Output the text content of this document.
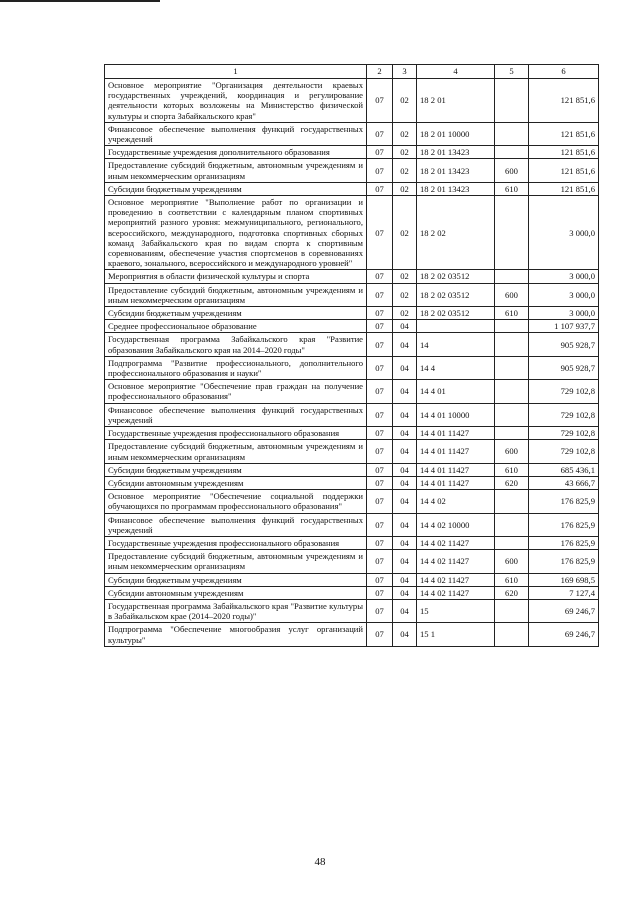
1	2	3	4	5	6
Основное мероприятие "Организация деятельности краевых государственных учреждений, координация и регулирование деятельности которых возложены на Министерство физической культуры и спорта Забайкальского края"	07	02	18 2 01		121 851,6
Финансовое обеспечение выполнения функций государственных учреждений	07	02	18 2 01 10000		121 851,6
Государственные учреждения дополнительного образования	07	02	18 2 01 13423		121 851,6
Предоставление субсидий бюджетным, автономным учреждениям и иным некоммерческим организациям	07	02	18 2 01 13423	600	121 851,6
Субсидии бюджетным учреждениям	07	02	18 2 01 13423	610	121 851,6
Основное мероприятие "Выполнение работ по организации и проведению в соответствии с календарным планом спортивных мероприятий разного уровня: межмуниципального, регионального, всероссийского, международного, подготовка спортивных сборных команд Забайкальского края по видам спорта к спортивным соревнованиям, обеспечение участия спортсменов в соревнованиях краевого, зонального, всероссийского и международного уровней"	07	02	18 2 02		3 000,0
Мероприятия в области физической культуры и спорта	07	02	18 2 02 03512		3 000,0
Предоставление субсидий бюджетным, автономным учреждениям и иным некоммерческим организациям	07	02	18 2 02 03512	600	3 000,0
Субсидии бюджетным учреждениям	07	02	18 2 02 03512	610	3 000,0
Среднее профессиональное образование	07	04			1 107 937,7
Государственная программа Забайкальского края "Развитие образования Забайкальского края на 2014–2020 годы"	07	04	14		905 928,7
Подпрограмма "Развитие профессионального, дополнительного профессионального образования и науки"	07	04	14 4		905 928,7
Основное мероприятие "Обеспечение прав граждан на получение профессионального образования"	07	04	14 4 01		729 102,8
Финансовое обеспечение выполнения функций государственных учреждений	07	04	14 4 01 10000		729 102,8
Государственные учреждения профессионального образования	07	04	14 4 01 11427		729 102,8
Предоставление субсидий бюджетным, автономным учреждениям и иным некоммерческим организациям	07	04	14 4 01 11427	600	729 102,8
Субсидии бюджетным учреждениям	07	04	14 4 01 11427	610	685 436,1
Субсидии автономным учреждениям	07	04	14 4 01 11427	620	43 666,7
Основное мероприятие "Обеспечение социальной поддержки обучающихся по программам профессионального образования"	07	04	14 4 02		176 825,9
Финансовое обеспечение выполнения функций государственных учреждений	07	04	14 4 02 10000		176 825,9
Государственные учреждения профессионального образования	07	04	14 4 02 11427		176 825,9
Предоставление субсидий бюджетным, автономным учреждениям и иным некоммерческим организациям	07	04	14 4 02 11427	600	176 825,9
Субсидии бюджетным учреждениям	07	04	14 4 02 11427	610	169 698,5
Субсидии автономным учреждениям	07	04	14 4 02 11427	620	7 127,4
Государственная программа Забайкальского края "Развитие культуры в Забайкальском крае (2014–2020 годы)"	07	04	15		69 246,7
Подпрограмма "Обеспечение многообразия услуг организаций культуры"	07	04	15 1		69 246,7
48
